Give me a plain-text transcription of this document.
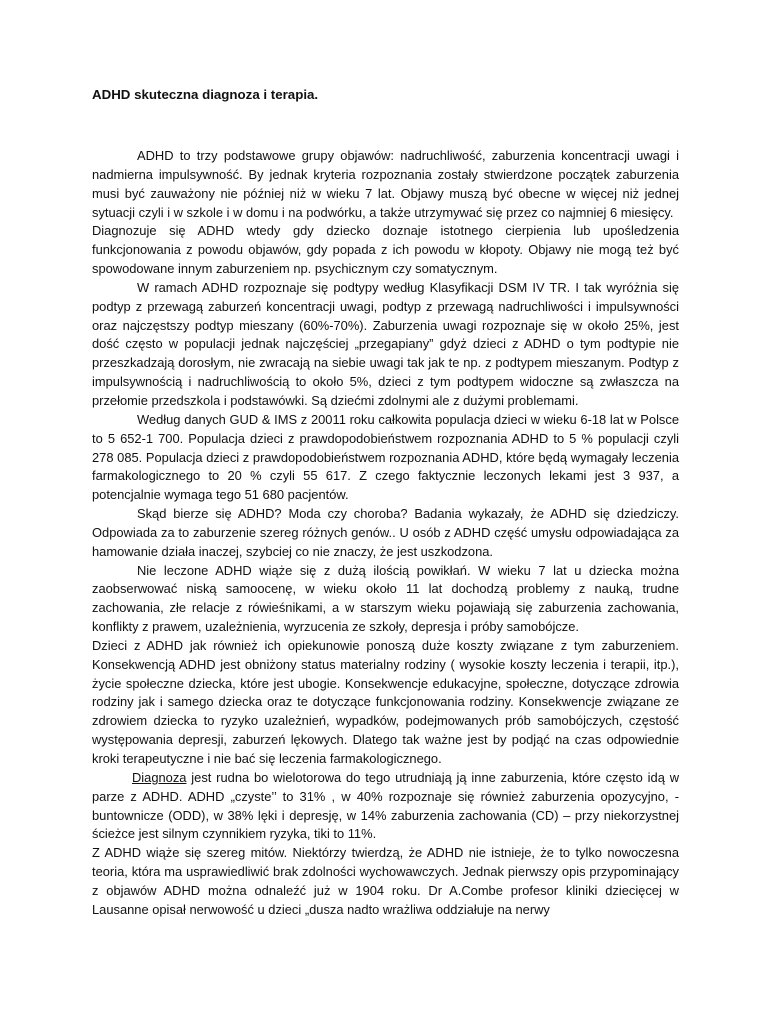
ADHD skuteczna diagnoza i terapia.

ADHD to trzy podstawowe grupy objawów: nadruchliwość, zaburzenia koncentracji uwagi i nadmierna impulsywność. By jednak kryteria rozpoznania zostały stwierdzone początek zaburzenia musi być zauważony nie później niż w wieku 7 lat. Objawy muszą być obecne w więcej niż jednej sytuacji czyli i w szkole i w domu i na podwórku, a także utrzymywać się przez co najmniej 6 miesięcy.

Diagnozuje się ADHD wtedy gdy dziecko doznaje istotnego cierpienia lub upośledzenia funkcjonowania z powodu objawów, gdy popada z ich powodu w kłopoty. Objawy nie mogą też być spowodowane innym zaburzeniem np. psychicznym czy somatycznym.

W ramach ADHD rozpoznaje się podtypy według Klasyfikacji DSM IV TR. I tak wyróżnia się podtyp z przewagą zaburzeń koncentracji uwagi, podtyp z przewagą nadruchliwości i impulsywności oraz najczęstszy podtyp mieszany (60%-70%). Zaburzenia uwagi rozpoznaje się w około 25%, jest dość często w populacji jednak najczęściej „przegapiany” gdyż dzieci z ADHD o tym podtypie nie przeszkadzają dorosłym, nie zwracają na siebie uwagi tak jak te np. z podtypem mieszanym. Podtyp z impulsywnością i nadruchliwością to około 5%, dzieci z tym podtypem widoczne są zwłaszcza na przełomie przedszkola i podstawówki. Są dziećmi zdolnymi ale z dużymi problemami.

Według danych GUD & IMS z 20011 roku całkowita populacja dzieci w wieku 6-18 lat w Polsce to 5 652-1 700. Populacja dzieci z prawdopodobieństwem rozpoznania ADHD to 5 % populacji czyli 278 085. Populacja dzieci z prawdopodobieństwem rozpoznania ADHD, które będą wymagały leczenia farmakologicznego to 20 % czyli 55 617. Z czego faktycznie leczonych lekami jest 3 937, a potencjalnie wymaga tego 51 680 pacjentów.

Skąd bierze się ADHD? Moda czy choroba? Badania wykazały, że ADHD się dziedziczy. Odpowiada za to zaburzenie szereg różnych genów.. U osób z ADHD część umysłu odpowiadająca za hamowanie działa inaczej, szybciej co nie znaczy, że jest uszkodzona.

Nie leczone ADHD wiąże się z dużą ilością powikłań. W wieku 7 lat u dziecka można zaobserwować niską samoocenę, w wieku około 11 lat dochodzą problemy z nauką, trudne zachowania, złe relacje z rówieśnikami, a w starszym wieku pojawiają się zaburzenia zachowania, konflikty z prawem, uzależnienia, wyrzucenia ze szkoły, depresja i próby samobójcze.

Dzieci z ADHD jak również ich opiekunowie ponoszą duże koszty związane z tym zaburzeniem. Konsekwencją ADHD jest obniżony status materialny rodziny ( wysokie koszty leczenia i terapii, itp.), życie społeczne dziecka, które jest ubogie. Konsekwencje edukacyjne, społeczne, dotyczące zdrowia rodziny jak i samego dziecka oraz te dotyczące funkcjonowania rodziny. Konsekwencje związane ze zdrowiem dziecka to ryzyko uzależnień, wypadków, podejmowanych prób samobójczych, częstość występowania depresji, zaburzeń lękowych. Dlatego tak ważne jest by podjąć na czas odpowiednie kroki terapeutyczne i nie bać się leczenia farmakologicznego.

Diagnoza jest rudna bo wielotorowa do tego utrudniają ją inne zaburzenia, które często idą w parze z ADHD. ADHD „czyste’’ to 31% , w 40% rozpoznaje się również zaburzenia opozycyjno, -buntownicze (ODD), w 38% lęki i depresję, w 14% zaburzenia zachowania (CD) – przy niekorzystnej ścieżce jest silnym czynnikiem ryzyka, tiki to 11%.

Z ADHD wiąże się szereg mitów. Niektórzy twierdzą, że ADHD nie istnieje, że to tylko nowoczesna teoria, która ma usprawiedliwić brak zdolności wychowawczych. Jednak pierwszy opis przypominający z objawów ADHD można odnaleźć już w 1904 roku. Dr A.Combe profesor kliniki dziecięcej w Lausanne opisał nerwowość u dzieci „dusza nadto wrażliwa oddziałuje na nerwy
